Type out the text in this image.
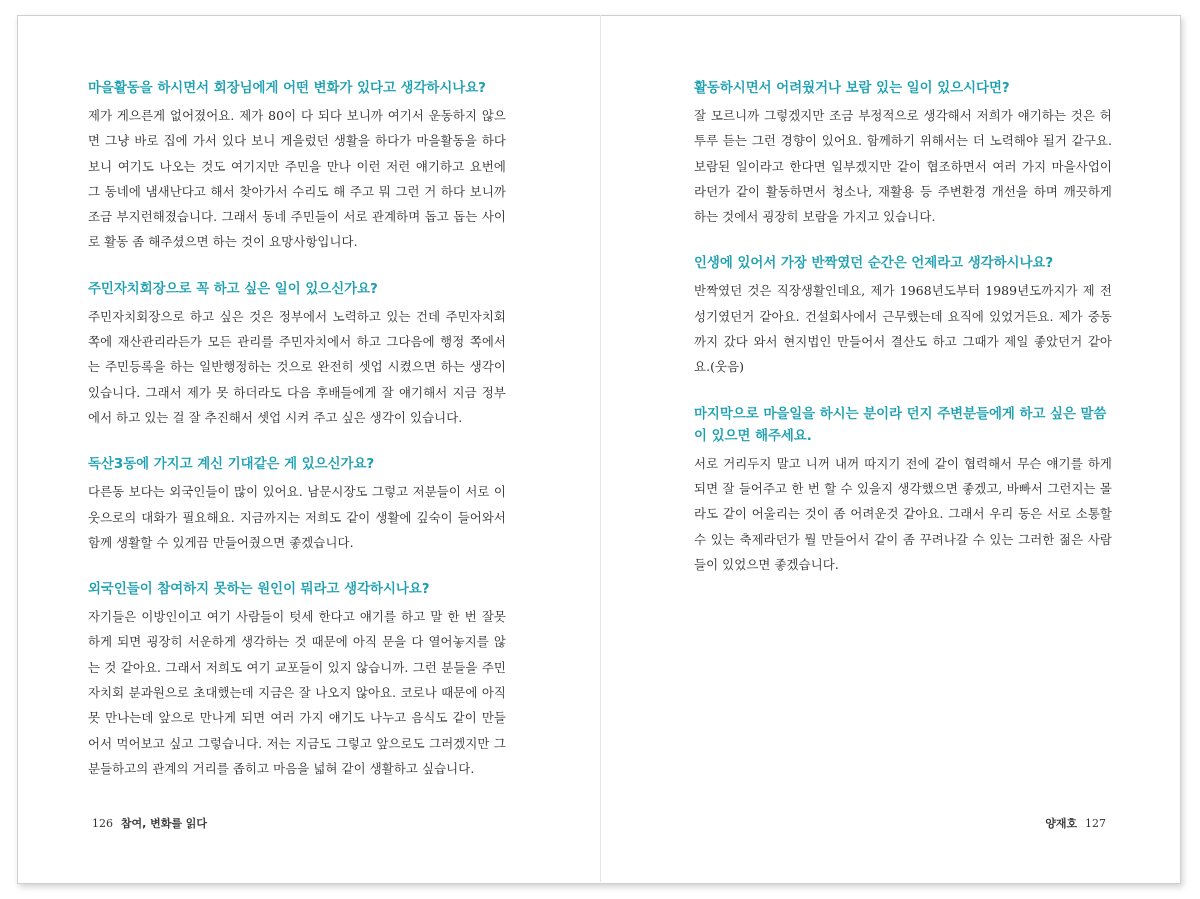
마을활동을 하시면서 회장님에게 어떤 변화가 있다고 생각하시나요?

제가 게으른게 없어졌어요. 제가 80이 다 되다 보니까 여기서 운동하지 않으면 그냥 바로 집에 가서 있다 보니 게을렀던 생활을 하다가 마을활동을 하다 보니 여기도 나오는 것도 여기지만 주민을 만나 이런 저런 얘기하고 요번에 그 동네에 냄새난다고 해서 찾아가서 수리도 해 주고 뭐 그런 거 하다 보니까 조금 부지런해졌습니다. 그래서 동네 주민들이 서로 관계하며 돕고 돕는 사이로 활동 좀 해주셨으면 하는 것이 요망사항입니다.

주민자치회장으로 꼭 하고 싶은 일이 있으신가요?

주민자치회장으로 하고 싶은 것은 정부에서 노력하고 있는 건데 주민자치회 쪽에 재산관리라든가 모든 관리를 주민자치에서 하고 그다음에 행정 쪽에서는 주민등록을 하는 일반행정하는 것으로 완전히 셋업 시켰으면 하는 생각이 있습니다. 그래서 제가 못 하더라도 다음 후배들에게 잘 얘기해서 지금 정부에서 하고 있는 걸 잘 추진해서 셋업 시켜 주고 싶은 생각이 있습니다.

독산3동에 가지고 계신 기대같은 게 있으신가요?

다른동 보다는 외국인들이 많이 있어요. 남문시장도 그렇고 저분들이 서로 이웃으로의 대화가 필요해요. 지금까지는 저희도 같이 생활에 깊숙이 들어와서 함께 생활할 수 있게끔 만들어줬으면 좋겠습니다.

외국인들이 참여하지 못하는 원인이 뭐라고 생각하시나요?

자기들은 이방인이고 여기 사람들이 텃세 한다고 얘기를 하고 말 한 번 잘못하게 되면 굉장히 서운하게 생각하는 것 때문에 아직 문을 다 열어놓지를 않는 것 같아요. 그래서 저희도 여기 교포들이 있지 않습니까. 그런 분들을 주민자치회 분과원으로 초대했는데 지금은 잘 나오지 않아요. 코로나 때문에 아직 못 만나는데 앞으로 만나게 되면 여러 가지 얘기도 나누고 음식도 같이 만들어서 먹어보고 싶고 그렇습니다. 저는 지금도 그렇고 앞으로도 그러겠지만 그분들하고의 관계의 거리를 좁히고 마음을 넓혀 같이 생활하고 싶습니다.

활동하시면서 어려웠거나 보람 있는 일이 있으시다면?

잘 모르니까 그렇겠지만 조금 부정적으로 생각해서 저희가 얘기하는 것은 허투루 듣는 그런 경향이 있어요. 함께하기 위해서는 더 노력해야 될거 같구요. 보람된 일이라고 한다면 일부겠지만 같이 협조하면서 여러 가지 마을사업이라던가 같이 활동하면서 청소나, 재활용 등 주변환경 개선을 하며 깨끗하게 하는 것에서 굉장히 보람을 가지고 있습니다.

인생에 있어서 가장 반짝였던 순간은 언제라고 생각하시나요?

반짝였던 것은 직장생활인데요, 제가 1968년도부터 1989년도까지가 제 전성기였던거 같아요. 건설회사에서 근무했는데 요직에 있었거든요. 제가 중동까지 갔다 와서 현지법인 만들어서 결산도 하고 그때가 제일 좋았던거 같아요.(웃음)

마지막으로 마을일을 하시는 분이라 던지 주변분들에게 하고 싶은 말씀이 있으면 해주세요.

서로 거리두지 말고 니꺼 내꺼 따지기 전에 같이 협력해서 무슨 얘기를 하게 되면 잘 들어주고 한 번 할 수 있을지 생각했으면 좋겠고, 바빠서 그런지는 몰라도 같이 어울리는 것이 좀 어려운것 같아요. 그래서 우리 동은 서로 소통할 수 있는 축제라던가 뭘 만들어서 같이 좀 꾸려나갈 수 있는 그러한 젊은 사람들이 있었으면 좋겠습니다.

126 참여, 변화를 읽다	양재호 127
